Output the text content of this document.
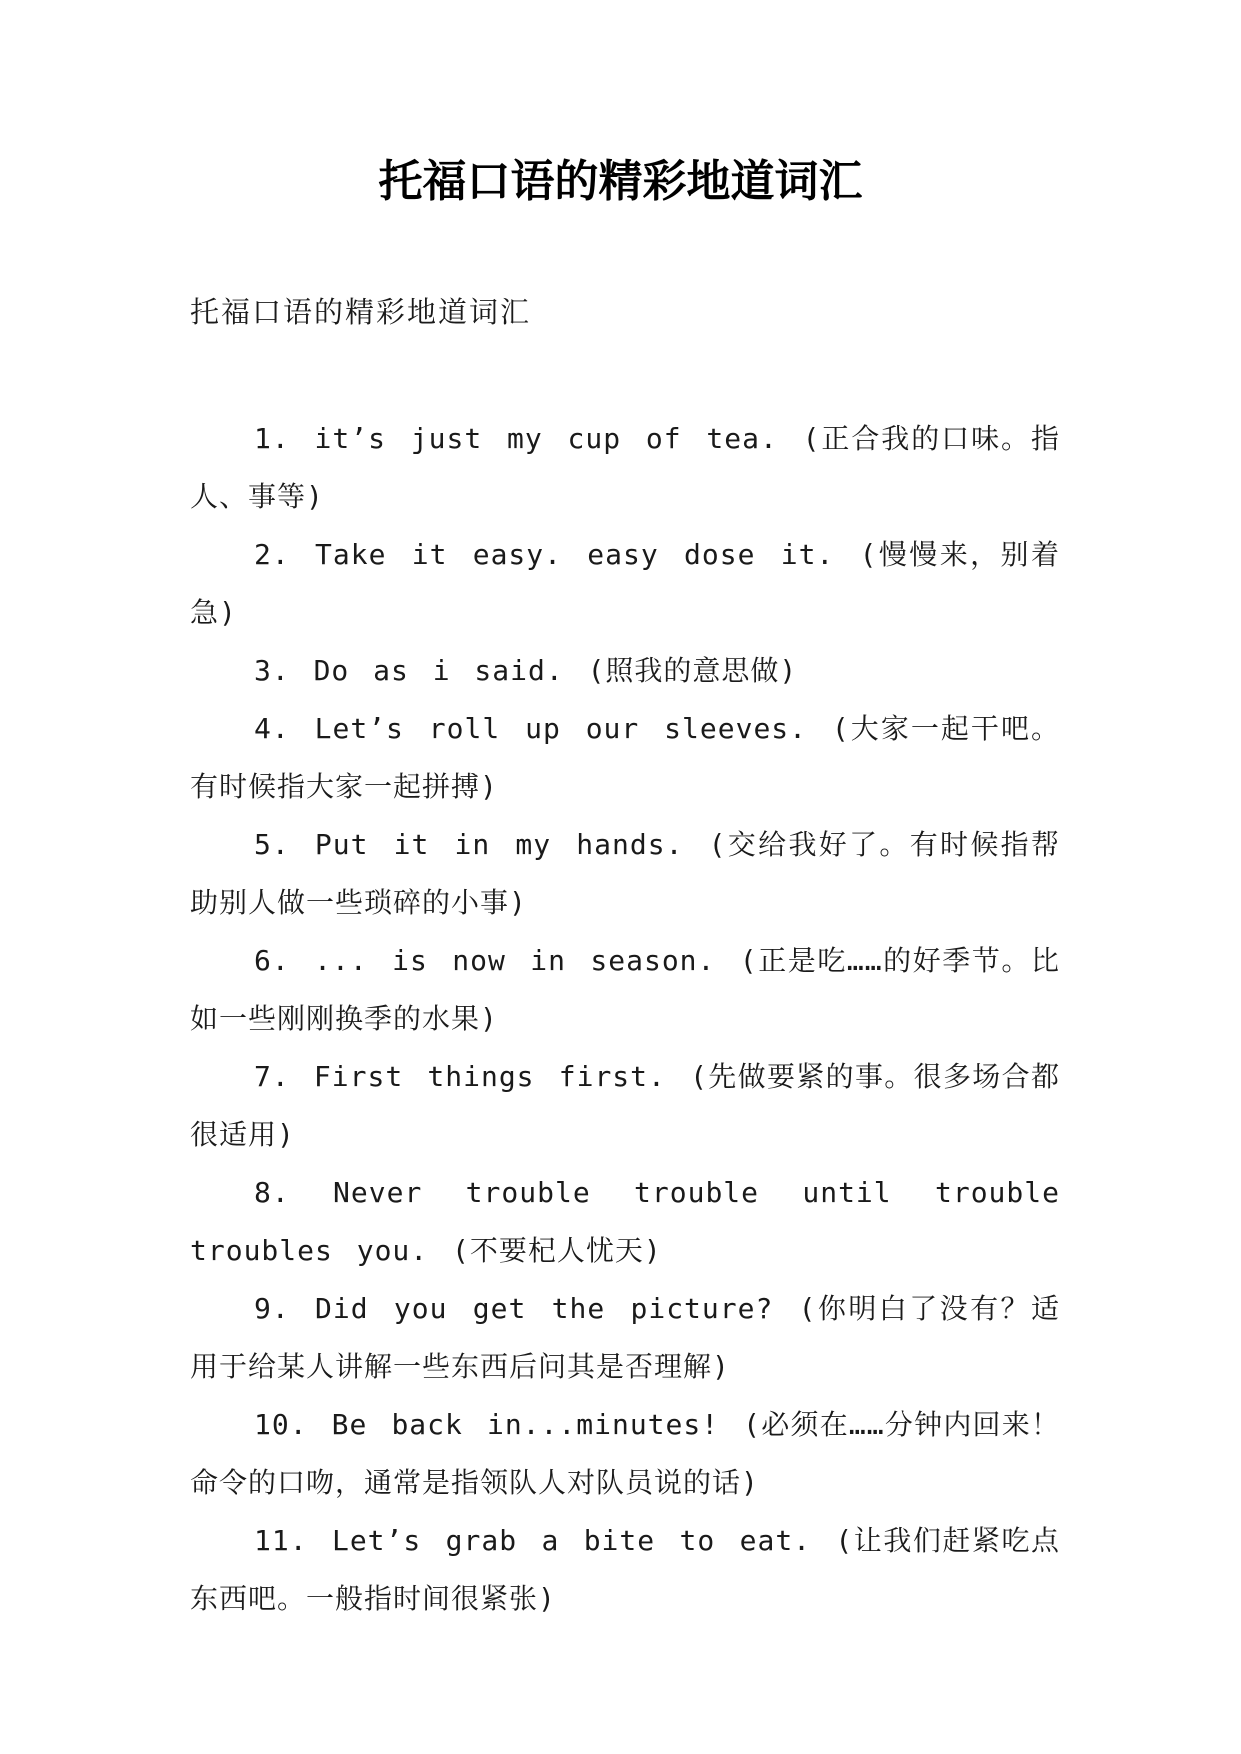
托福口语的精彩地道词汇

托福口语的精彩地道词汇

1. it’s just my cup of tea. (正合我的口味。指人、事等)
2. Take it easy. easy dose it. (慢慢来，别着急)
3. Do as i said. (照我的意思做)
4. Let’s roll up our sleeves. (大家一起干吧。有时候指大家一起拼搏)
5. Put it in my hands. (交给我好了。有时候指帮助别人做一些琐碎的小事)
6. ... is now in season. (正是吃……的好季节。比如一些刚刚换季的水果)
7. First things first. (先做要紧的事。很多场合都很适用)
8. Never trouble trouble until trouble troubles you. (不要杞人忧天)
9. Did you get the picture? (你明白了没有？适用于给某人讲解一些东西后问其是否理解)
10. Be back in...minutes! (必须在……分钟内回来！命令的口吻，通常是指领队人对队员说的话)
11. Let’s grab a bite to eat. (让我们赶紧吃点东西吧。一般指时间很紧张)
